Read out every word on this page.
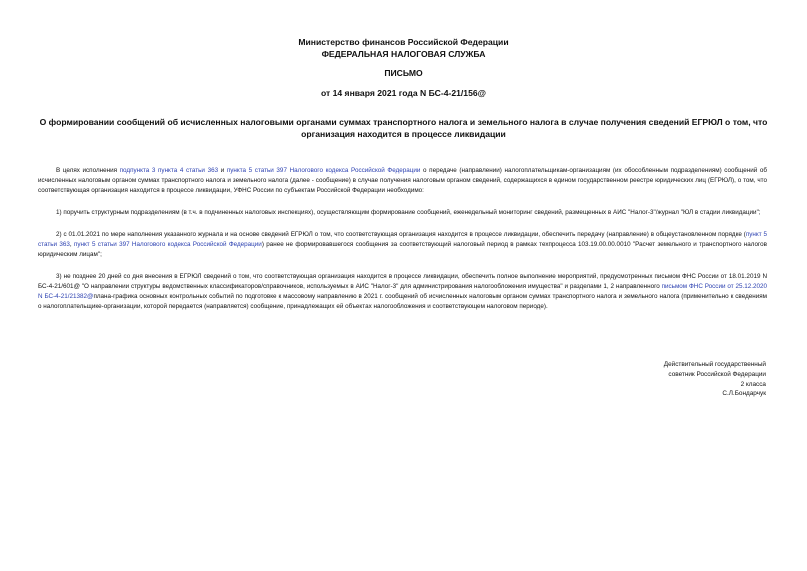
Министерство финансов Российской Федерации
ФЕДЕРАЛЬНАЯ НАЛОГОВАЯ СЛУЖБА
ПИСЬМО
от 14 января 2021 года N БС-4-21/156@
О формировании сообщений об исчисленных налоговыми органами суммах транспортного налога и земельного налога в случае получения сведений ЕГРЮЛ о том, что организация находится в процессе ликвидации

В целях исполнения подпункта 3 пункта 4 статьи 363 и пункта 5 статьи 397 Налогового кодекса Российской Федерации о передаче (направлении) налогоплательщикам-организациям (их обособленным подразделениям) сообщений об исчисленных налоговым органом суммах транспортного налога и земельного налога (далее - сообщение) в случае получения налоговым органом сведений, содержащихся в едином государственном реестре юридических лиц (ЕГРЮЛ), о том, что соответствующая организация находится в процессе ликвидации, УФНС России по субъектам Российской Федерации необходимо:

1) поручить структурным подразделениям (в т.ч. в подчиненных налоговых инспекциях), осуществляющим формирование сообщений, еженедельный мониторинг сведений, размещенных в АИС "Налог-3"/журнал "ЮЛ в стадии ликвидации";

2) с 01.01.2021 по мере наполнения указанного журнала и на основе сведений ЕГРЮЛ о том, что соответствующая организация находится в процессе ликвидации, обеспечить передачу (направление) в общеустановленном порядке (пункт 5 статьи 363, пункт 5 статьи 397 Налогового кодекса Российской Федерации) ранее не формировавшегося сообщения за соответствующий налоговый период в рамках техпроцесса 103.19.00.00.0010 "Расчет земельного и транспортного налогов юридическим лицам";

3) не позднее 20 дней со дня внесения в ЕГРЮЛ сведений о том, что соответствующая организация находится в процессе ликвидации, обеспечить полное выполнение мероприятий, предусмотренных письмом ФНС России от 18.01.2019 N БС-4-21/601@ "О направлении структуры ведомственных классификаторов/справочников, используемых в АИС "Налог-3" для администрирования налогообложения имущества" и разделами 1, 2 направленного письмом ФНС России от 25.12.2020 N БС-4-21/21382@плана-графика основных контрольных событий по подготовке к массовому направлению в 2021 г. сообщений об исчисленных налоговым органом суммах транспортного налога и земельного налога (применительно к сведениям о налогоплательщике-организации, которой передается (направляется) сообщение, принадлежащих ей объектах налогообложения и соответствующем налоговом периоде).

Действительный государственный
советник Российской Федерации
2 класса
С.Л.Бондарчук
